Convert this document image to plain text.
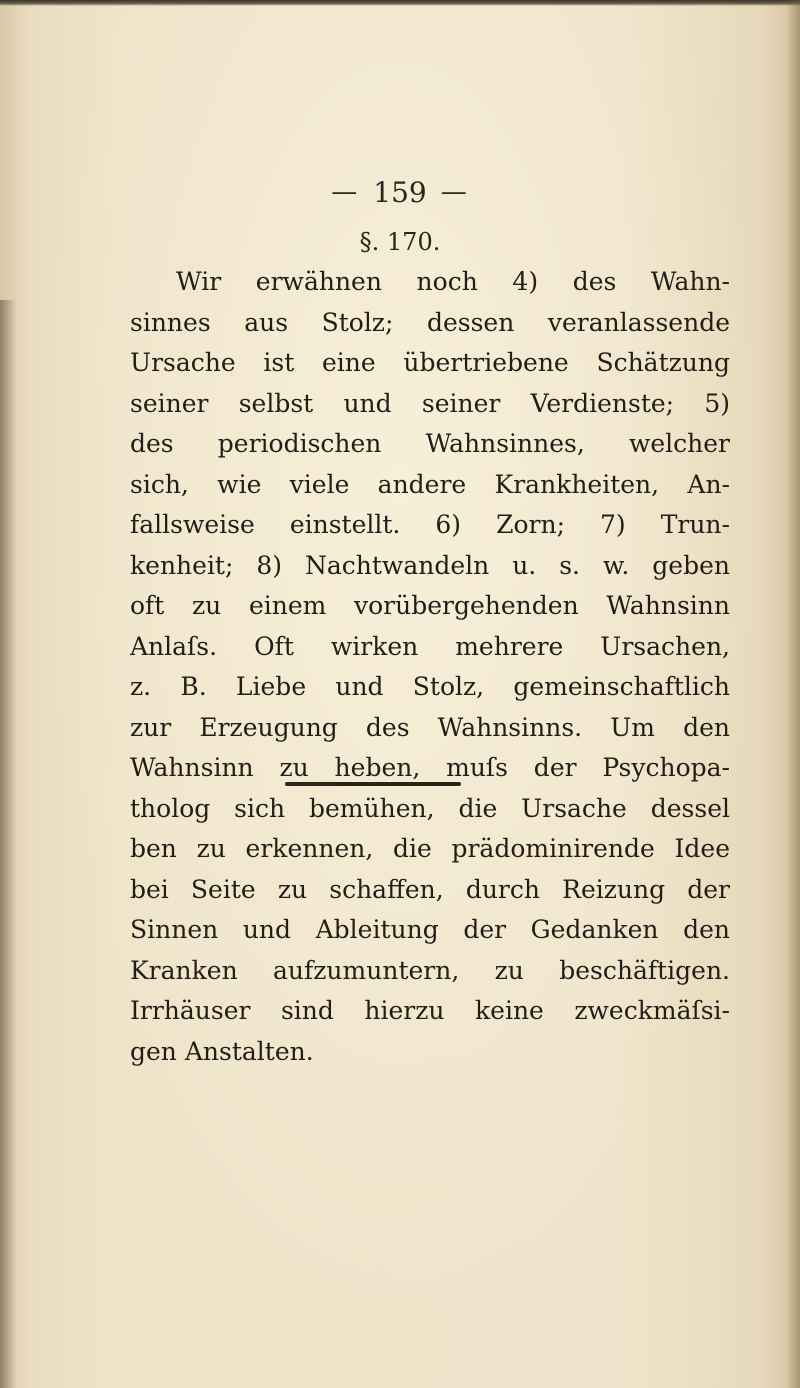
— 159 —
§. 170.
Wir erwähnen noch 4) des Wahn-
sinnes aus Stolz; dessen veranlassende
Ursache ist eine übertriebene Schätzung
seiner selbst und seiner Verdienste; 5)
des periodischen Wahnsinnes, welcher
sich, wie viele andere Krankheiten, An-
fallsweise einstellt. 6) Zorn; 7) Trun-
kenheit; 8) Nachtwandeln u. s. w. geben
oft zu einem vorübergehenden Wahnsinn
Anlaſs. Oft wirken mehrere Ursachen,
z. B. Liebe und Stolz, gemeinschaftlich
zur Erzeugung des Wahnsinns. Um den
Wahnsinn zu heben, muſs der Psychopa-
tholog sich bemühen, die Ursache dessel
ben zu erkennen, die prädominirende Idee
bei Seite zu schaffen, durch Reizung der
Sinnen und Ableitung der Gedanken den
Kranken aufzumuntern, zu beschäftigen.
Irrhäuser sind hierzu keine zweckmäſsi-
gen Anstalten.
